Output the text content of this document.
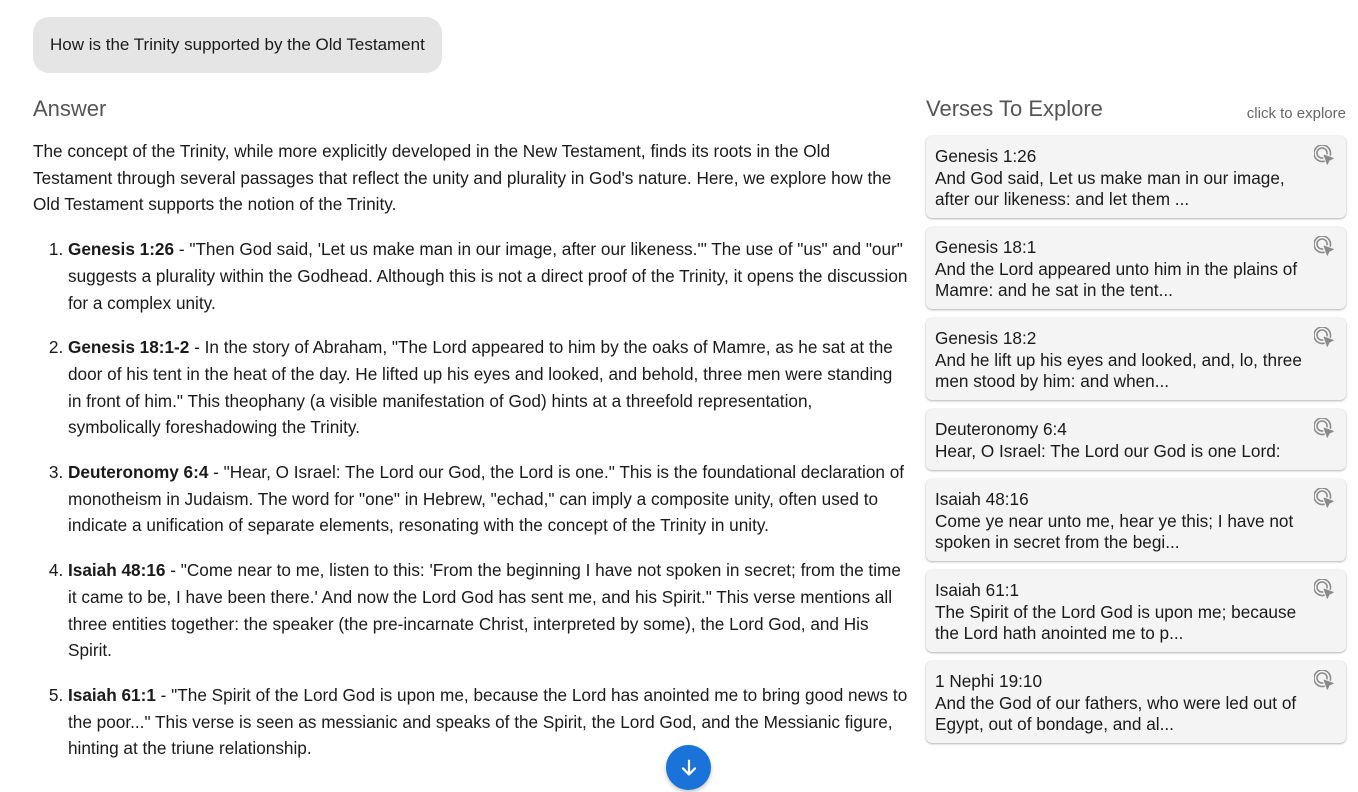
How is the Trinity supported by the Old Testament
Answer

The concept of the Trinity, while more explicitly developed in the New Testament, finds its roots in the Old Testament through several passages that reflect the unity and plurality in God's nature. Here, we explore how the Old Testament supports the notion of the Trinity.

1. Genesis 1:26 - "Then God said, 'Let us make man in our image, after our likeness.'" The use of "us" and "our" suggests a plurality within the Godhead. Although this is not a direct proof of the Trinity, it opens the discussion for a complex unity.
2. Genesis 18:1-2 - In the story of Abraham, "The Lord appeared to him by the oaks of Mamre, as he sat at the door of his tent in the heat of the day. He lifted up his eyes and looked, and behold, three men were standing in front of him." This theophany (a visible manifestation of God) hints at a threefold representation, symbolically foreshadowing the Trinity.
3. Deuteronomy 6:4 - "Hear, O Israel: The Lord our God, the Lord is one." This is the foundational declaration of monotheism in Judaism. The word for "one" in Hebrew, "echad," can imply a composite unity, often used to indicate a unification of separate elements, resonating with the concept of the Trinity in unity.
4. Isaiah 48:16 - "Come near to me, listen to this: 'From the beginning I have not spoken in secret; from the time it came to be, I have been there.' And now the Lord God has sent me, and his Spirit." This verse mentions all three entities together: the speaker (the pre-incarnate Christ, interpreted by some), the Lord God, and His Spirit.
5. Isaiah 61:1 - "The Spirit of the Lord God is upon me, because the Lord has anointed me to bring good news to the poor..." This verse is seen as messianic and speaks of the Spirit, the Lord God, and the Messianic figure, hinting at the triune relationship.
Verses To Explore	click to explore
Genesis 1:26
And God said, Let us make man in our image, after our likeness: and let them ...
Genesis 18:1
And the Lord appeared unto him in the plains of Mamre: and he sat in the tent...
Genesis 18:2
And he lift up his eyes and looked, and, lo, three men stood by him: and when...
Deuteronomy 6:4
Hear, O Israel: The Lord our God is one Lord:
Isaiah 48:16
Come ye near unto me, hear ye this; I have not spoken in secret from the begi...
Isaiah 61:1
The Spirit of the Lord God is upon me; because the Lord hath anointed me to p...
1 Nephi 19:10
And the God of our fathers, who were led out of Egypt, out of bondage, and al...
